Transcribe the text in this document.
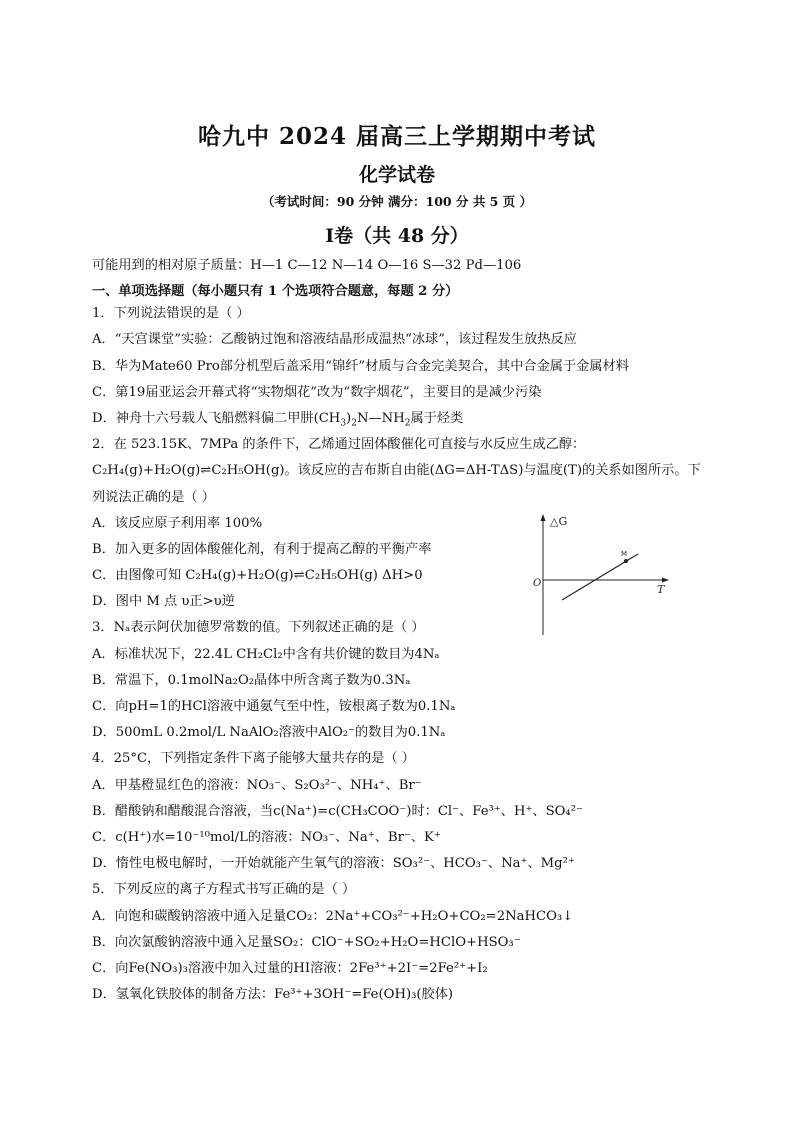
哈九中 2024 届高三上学期期中考试
化学试卷
（考试时间：90 分钟 满分：100 分 共 5 页 ）
I卷（共 48 分）
可能用到的相对原子质量：H—1 C—12 N—14 O—16 S—32 Pd—106
一、单项选择题（每小题只有 1 个选项符合题意，每题 2 分）
1．下列说法错误的是（ ）
A．“天宫课堂”实验：乙酸钠过饱和溶液结晶形成温热“冰球”，该过程发生放热反应
B．华为Mate60 Pro部分机型后盖采用“锦纤”材质与合金完美契合，其中合金属于金属材料
C．第19届亚运会开幕式将“实物烟花”改为“数字烟花”，主要目的是减少污染
D．神舟十六号载人飞船燃料偏二甲肼$(CH_3)_2N—NH_2$属于烃类
2．在 523.15K、7MPa 的条件下，乙烯通过固体酸催化可直接与水反应生成乙醇：
C₂H₄(g)+H₂O(g)⇌C₂H₅OH(g)。该反应的吉布斯自由能(ΔG=ΔH-TΔS)与温度(T)的关系如图所示。下
列说法正确的是（ ）
A．该反应原子利用率 100%
B．加入更多的固体酸催化剂，有利于提高乙醇的平衡产率
C．由图像可知 C₂H₄(g)+H₂O(g)⇌C₂H₅OH(g) ΔH>0
D．图中 M 点 υ正>υ逆
3．Nₐ表示阿伏加德罗常数的值。下列叙述正确的是（ ）
A．标准状况下，22.4L CH₂Cl₂中含有共价键的数目为4Nₐ
B．常温下，0.1molNa₂O₂晶体中所含离子数为0.3Nₐ
C．向pH=1的HCl溶液中通氨气至中性，铵根离子数为0.1Nₐ
D．500mL 0.2mol/L NaAlO₂溶液中AlO₂⁻的数目为0.1Nₐ
4．25°C，下列指定条件下离子能够大量共存的是（ ）
A．甲基橙显红色的溶液：NO₃⁻、S₂O₃²⁻、NH₄⁺、Br⁻
B．醋酸钠和醋酸混合溶液，当c(Na⁺)=c(CH₃COO⁻)时：Cl⁻、Fe³⁺、H⁺、SO₄²⁻
C．c(H⁺)水=10⁻¹⁰mol/L的溶液：NO₃⁻、Na⁺、Br⁻、K⁺
D．惰性电极电解时，一开始就能产生氧气的溶液：SO₃²⁻、HCO₃⁻、Na⁺、Mg²⁺
5．下列反应的离子方程式书写正确的是（ ）
A．向饱和碳酸钠溶液中通入足量CO₂：2Na⁺+CO₃²⁻+H₂O+CO₂=2NaHCO₃↓
B．向次氯酸钠溶液中通入足量SO₂：ClO⁻+SO₂+H₂O=HClO+HSO₃⁻
C．向Fe(NO₃)₃溶液中加入过量的HI溶液：2Fe³⁺+2I⁻=2Fe²⁺+I₂
D．氢氧化铁胶体的制备方法：Fe³⁺+3OH⁻=Fe(OH)₃(胶体)
△G
T
O
M
